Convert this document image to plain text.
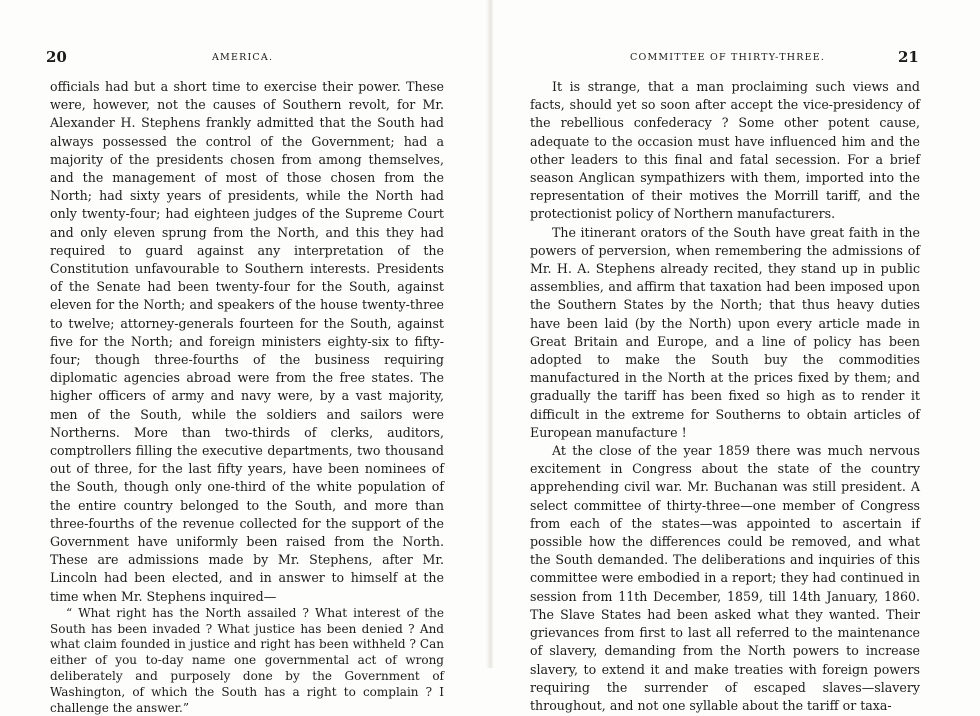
20	AMERICA.

officials had but a short time to exercise their power. These were, however, not the causes of Southern revolt, for Mr. Alexander H. Stephens frankly admitted that the South had always possessed the control of the Government; had a majority of the presidents chosen from among themselves, and the management of most of those chosen from the North; had sixty years of presidents, while the North had only twenty-four; had eighteen judges of the Supreme Court and only eleven sprung from the North, and this they had required to guard against any interpretation of the Constitution unfavourable to Southern interests. Presidents of the Senate had been twenty-four for the South, against eleven for the North; and speakers of the house twenty-three to twelve; attorney-generals fourteen for the South, against five for the North; and foreign ministers eighty-six to fifty-four; though three-fourths of the business requiring diplomatic agencies abroad were from the free states. The higher officers of army and navy were, by a vast majority, men of the South, while the soldiers and sailors were Northerns. More than two-thirds of clerks, auditors, comptrollers filling the executive departments, two thousand out of three, for the last fifty years, have been nominees of the South, though only one-third of the white population of the entire country belonged to the South, and more than three-fourths of the revenue collected for the support of the Government have uniformly been raised from the North. These are admissions made by Mr. Stephens, after Mr. Lincoln had been elected, and in answer to himself at the time when Mr. Stephens inquired—

“ What right has the North assailed ? What interest of the South has been invaded ? What justice has been denied ? And what claim founded in justice and right has been withheld ? Can either of you to-day name one governmental act of wrong deliberately and purposely done by the Government of Washington, of which the South has a right to complain ? I challenge the answer.”

COMMITTEE OF THIRTY-THREE.	21

It is strange, that a man proclaiming such views and facts, should yet so soon after accept the vice-presidency of the rebellious confederacy ? Some other potent cause, adequate to the occasion must have influenced him and the other leaders to this final and fatal secession. For a brief season Anglican sympathizers with them, imported into the representation of their motives the Morrill tariff, and the protectionist policy of Northern manufacturers.

The itinerant orators of the South have great faith in the powers of perversion, when remembering the admissions of Mr. H. A. Stephens already recited, they stand up in public assemblies, and affirm that taxation had been imposed upon the Southern States by the North; that thus heavy duties have been laid (by the North) upon every article made in Great Britain and Europe, and a line of policy has been adopted to make the South buy the commodities manufactured in the North at the prices fixed by them; and gradually the tariff has been fixed so high as to render it difficult in the extreme for Southerns to obtain articles of European manufacture !

At the close of the year 1859 there was much nervous excitement in Congress about the state of the country apprehending civil war. Mr. Buchanan was still president. A select committee of thirty-three—one member of Congress from each of the states—was appointed to ascertain if possible how the differences could be removed, and what the South demanded. The deliberations and inquiries of this committee were embodied in a report; they had continued in session from 11th December, 1859, till 14th January, 1860. The Slave States had been asked what they wanted. Their grievances from first to last all referred to the maintenance of slavery, demanding from the North powers to increase slavery, to extend it and make treaties with foreign powers requiring the surrender of escaped slaves—slavery throughout, and not one syllable about the tariff or taxa-
